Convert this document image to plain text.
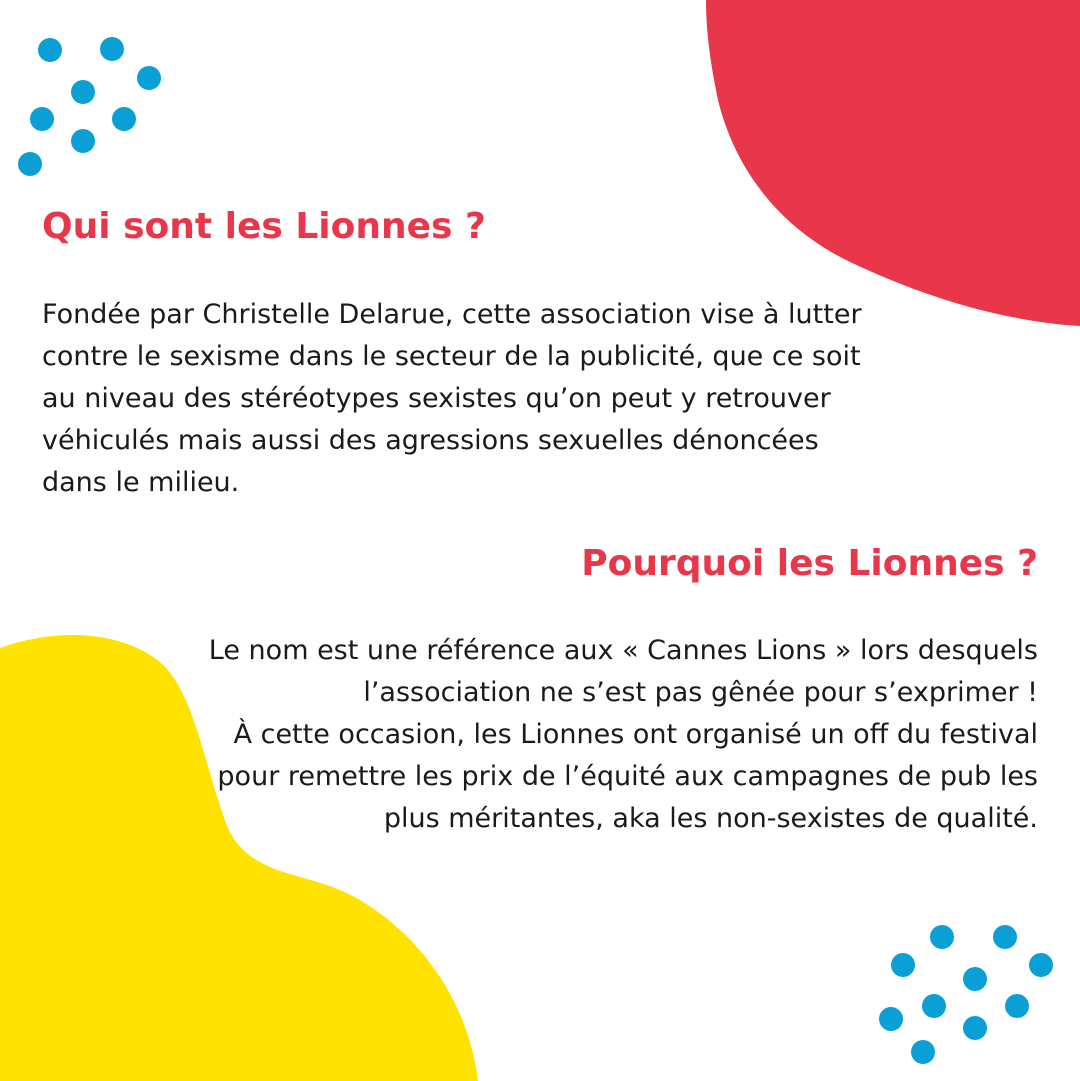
Qui sont les Lionnes ?

Fondée par Christelle Delarue, cette association vise à lutter
contre le sexisme dans le secteur de la publicité, que ce soit
au niveau des stéréotypes sexistes qu’on peut y retrouver
véhiculés mais aussi des agressions sexuelles dénoncées
dans le milieu.

Pourquoi les Lionnes ?

Le nom est une référence aux « Cannes Lions » lors desquels
l’association ne s’est pas gênée pour s’exprimer !
À cette occasion, les Lionnes ont organisé un off du festival
pour remettre les prix de l’équité aux campagnes de pub les
plus méritantes, aka les non-sexistes de qualité.
